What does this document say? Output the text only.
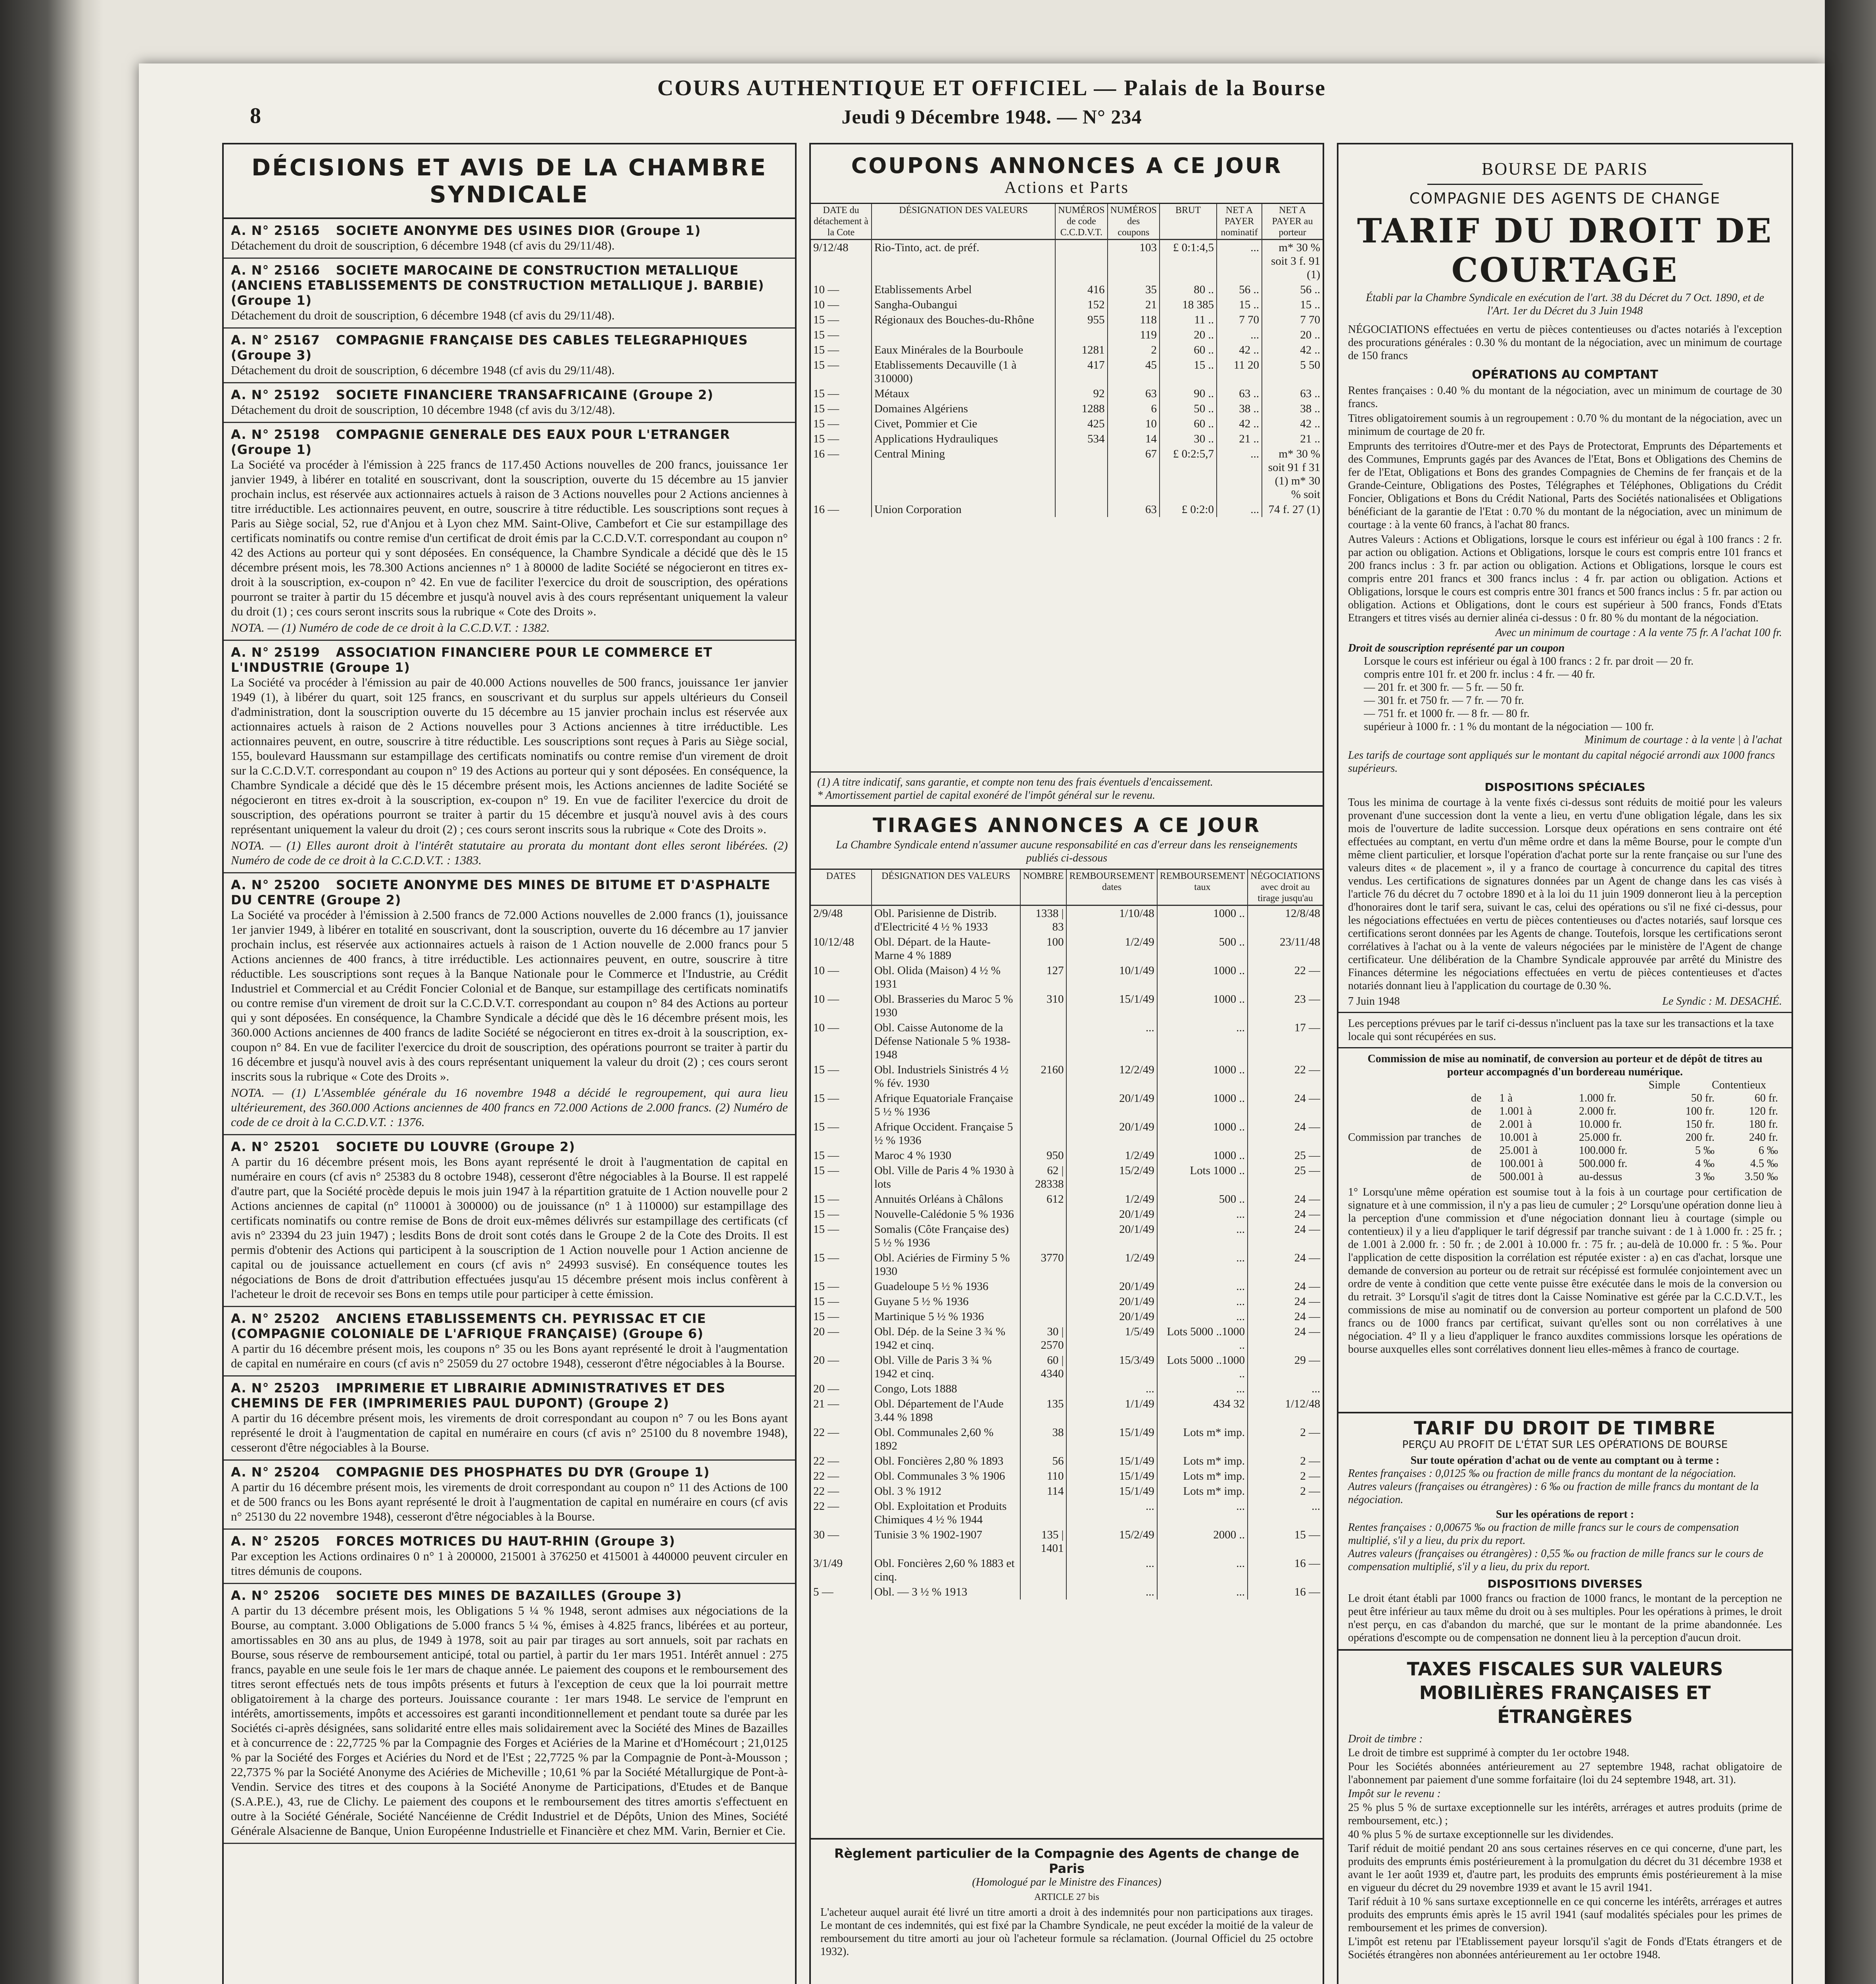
COURS AUTHENTIQUE ET OFFICIEL — Palais de la Bourse
Jeudi 9 Décembre 1948. — N° 234
8
DÉCISIONS ET AVIS DE LA CHAMBRE SYNDICALE
A. N° 25165 SOCIETE ANONYME DES USINES DIOR (Groupe 1)
Détachement du droit de souscription, 6 décembre 1948 (cf avis du 29/11/48).
A. N° 25166 SOCIETE MAROCAINE DE CONSTRUCTION METALLIQUE (ANCIENS ETABLISSEMENTS DE CONSTRUCTION METALLIQUE J. BARBIE) (Groupe 1)
Détachement du droit de souscription, 6 décembre 1948 (cf avis du 29/11/48).
A. N° 25167 COMPAGNIE FRANÇAISE DES CABLES TELEGRAPHIQUES (Groupe 3)
Détachement du droit de souscription, 6 décembre 1948 (cf avis du 29/11/48).
A. N° 25192 SOCIETE FINANCIERE TRANSAFRICAINE (Groupe 2)
Détachement du droit de souscription, 10 décembre 1948 (cf avis du 3/12/48).
A. N° 25198 COMPAGNIE GENERALE DES EAUX POUR L'ETRANGER (Groupe 1)
La Société va procéder à l'émission à 225 francs de 117.450 Actions nouvelles de 200 francs, jouissance 1er janvier 1949, à libérer en totalité en souscrivant, dont la souscription, ouverte du 15 décembre au 15 janvier prochain inclus, est réservée aux actionnaires actuels à raison de 3 Actions nouvelles pour 2 Actions anciennes à titre irréductible. Les actionnaires peuvent, en outre, souscrire à titre réductible. Les souscriptions sont reçues à Paris au Siège social, 52, rue d'Anjou et à Lyon chez MM. Saint-Olive, Cambefort et Cie sur estampillage des certificats nominatifs ou contre remise d'un certificat de droit émis par la C.C.D.V.T. correspondant au coupon n° 42 des Actions au porteur qui y sont déposées. En conséquence, la Chambre Syndicale a décidé que dès le 15 décembre présent mois, les 78.300 Actions anciennes n° 1 à 80000 de ladite Société se négocieront en titres ex-droit à la souscription, ex-coupon n° 42. En vue de faciliter l'exercice du droit de souscription, des opérations pourront se traiter à partir du 15 décembre et jusqu'à nouvel avis à des cours représentant uniquement la valeur du droit (1) ; ces cours seront inscrits sous la rubrique « Cote des Droits ».
NOTA. — (1) Numéro de code de ce droit à la C.C.D.V.T. : 1382.
A. N° 25199 ASSOCIATION FINANCIERE POUR LE COMMERCE ET L'INDUSTRIE (Groupe 1)
La Société va procéder à l'émission au pair de 40.000 Actions nouvelles de 500 francs, jouissance 1er janvier 1949 (1), à libérer du quart, soit 125 francs, en souscrivant et du surplus sur appels ultérieurs du Conseil d'administration, dont la souscription ouverte du 15 décembre au 15 janvier prochain inclus est réservée aux actionnaires actuels à raison de 2 Actions nouvelles pour 3 Actions anciennes à titre irréductible. Les actionnaires peuvent, en outre, souscrire à titre réductible. Les souscriptions sont reçues à Paris au Siège social, 155, boulevard Haussmann sur estampillage des certificats nominatifs ou contre remise d'un virement de droit sur la C.C.D.V.T. correspondant au coupon n° 19 des Actions au porteur qui y sont déposées. En conséquence, la Chambre Syndicale a décidé que dès le 15 décembre présent mois, les Actions anciennes de ladite Société se négocieront en titres ex-droit à la souscription, ex-coupon n° 19. En vue de faciliter l'exercice du droit de souscription, des opérations pourront se traiter à partir du 15 décembre et jusqu'à nouvel avis à des cours représentant uniquement la valeur du droit (2) ; ces cours seront inscrits sous la rubrique « Cote des Droits ».
NOTA. — (1) Elles auront droit à l'intérêt statutaire au prorata du montant dont elles seront libérées. (2) Numéro de code de ce droit à la C.C.D.V.T. : 1383.
A. N° 25200 SOCIETE ANONYME DES MINES DE BITUME ET D'ASPHALTE DU CENTRE (Groupe 2)
La Société va procéder à l'émission à 2.500 francs de 72.000 Actions nouvelles de 2.000 francs (1), jouissance 1er janvier 1949, à libérer en totalité en souscrivant, dont la souscription, ouverte du 16 décembre au 17 janvier prochain inclus, est réservée aux actionnaires actuels à raison de 1 Action nouvelle de 2.000 francs pour 5 Actions anciennes de 400 francs, à titre irréductible. Les actionnaires peuvent, en outre, souscrire à titre réductible. Les souscriptions sont reçues à la Banque Nationale pour le Commerce et l'Industrie, au Crédit Industriel et Commercial et au Crédit Foncier Colonial et de Banque, sur estampillage des certificats nominatifs ou contre remise d'un virement de droit sur la C.C.D.V.T. correspondant au coupon n° 84 des Actions au porteur qui y sont déposées. En conséquence, la Chambre Syndicale a décidé que dès le 16 décembre présent mois, les 360.000 Actions anciennes de 400 francs de ladite Société se négocieront en titres ex-droit à la souscription, ex-coupon n° 84. En vue de faciliter l'exercice du droit de souscription, des opérations pourront se traiter à partir du 16 décembre et jusqu'à nouvel avis à des cours représentant uniquement la valeur du droit (2) ; ces cours seront inscrits sous la rubrique « Cote des Droits ».
NOTA. — (1) L'Assemblée générale du 16 novembre 1948 a décidé le regroupement, qui aura lieu ultérieurement, des 360.000 Actions anciennes de 400 francs en 72.000 Actions de 2.000 francs. (2) Numéro de code de ce droit à la C.C.D.V.T. : 1376.
A. N° 25201 SOCIETE DU LOUVRE (Groupe 2)
A partir du 16 décembre présent mois, les Bons ayant représenté le droit à l'augmentation de capital en numéraire en cours (cf avis n° 25383 du 8 octobre 1948), cesseront d'être négociables à la Bourse. Il est rappelé d'autre part, que la Société procède depuis le mois juin 1947 à la répartition gratuite de 1 Action nouvelle pour 2 Actions anciennes de capital (n° 110001 à 300000) ou de jouissance (n° 1 à 110000) sur estampillage des certificats nominatifs ou contre remise de Bons de droit eux-mêmes délivrés sur estampillage des certificats (cf avis n° 23394 du 23 juin 1947) ; lesdits Bons de droit sont cotés dans le Groupe 2 de la Cote des Droits. Il est permis d'obtenir des Actions qui participent à la souscription de 1 Action nouvelle pour 1 Action ancienne de capital ou de jouissance actuellement en cours (cf avis n° 24993 susvisé). En conséquence toutes les négociations de Bons de droit d'attribution effectuées jusqu'au 15 décembre présent mois inclus confèrent à l'acheteur le droit de recevoir ses Bons en temps utile pour participer à cette émission.
A. N° 25202 ANCIENS ETABLISSEMENTS CH. PEYRISSAC ET CIE (COMPAGNIE COLONIALE DE L'AFRIQUE FRANÇAISE) (Groupe 6)
A partir du 16 décembre présent mois, les coupons n° 35 ou les Bons ayant représenté le droit à l'augmentation de capital en numéraire en cours (cf avis n° 25059 du 27 octobre 1948), cesseront d'être négociables à la Bourse.
A. N° 25203 IMPRIMERIE ET LIBRAIRIE ADMINISTRATIVES ET DES CHEMINS DE FER (IMPRIMERIES PAUL DUPONT) (Groupe 2)
A partir du 16 décembre présent mois, les virements de droit correspondant au coupon n° 7 ou les Bons ayant représenté le droit à l'augmentation de capital en numéraire en cours (cf avis n° 25100 du 8 novembre 1948), cesseront d'être négociables à la Bourse.
A. N° 25204 COMPAGNIE DES PHOSPHATES DU DYR (Groupe 1)
A partir du 16 décembre présent mois, les virements de droit correspondant au coupon n° 11 des Actions de 100 et de 500 francs ou les Bons ayant représenté le droit à l'augmentation de capital en numéraire en cours (cf avis n° 25130 du 22 novembre 1948), cesseront d'être négociables à la Bourse.
A. N° 25205 FORCES MOTRICES DU HAUT-RHIN (Groupe 3)
Par exception les Actions ordinaires 0 n° 1 à 200000, 215001 à 376250 et 415001 à 440000 peuvent circuler en titres démunis de coupons.
A. N° 25206 SOCIETE DES MINES DE BAZAILLES (Groupe 3)
A partir du 13 décembre présent mois, les Obligations 5 ¼ % 1948, seront admises aux négociations de la Bourse, au comptant. 3.000 Obligations de 5.000 francs 5 ¼ %, émises à 4.825 francs, libérées et au porteur, amortissables en 30 ans au plus, de 1949 à 1978, soit au pair par tirages au sort annuels, soit par rachats en Bourse, sous réserve de remboursement anticipé, total ou partiel, à partir du 1er mars 1951. Intérêt annuel : 275 francs, payable en une seule fois le 1er mars de chaque année. Le paiement des coupons et le remboursement des titres seront effectués nets de tous impôts présents et futurs à l'exception de ceux que la loi pourrait mettre obligatoirement à la charge des porteurs. Jouissance courante : 1er mars 1948. Le service de l'emprunt en intérêts, amortissements, impôts et accessoires est garanti inconditionnellement et pendant toute sa durée par les Sociétés ci-après désignées, sans solidarité entre elles mais solidairement avec la Société des Mines de Bazailles et à concurrence de : 22,7725 % par la Compagnie des Forges et Aciéries de la Marine et d'Homécourt ; 21,0125 % par la Société des Forges et Aciéries du Nord et de l'Est ; 22,7725 % par la Compagnie de Pont-à-Mousson ; 22,7375 % par la Société Anonyme des Aciéries de Micheville ; 10,61 % par la Société Métallurgique de Pont-à-Vendin. Service des titres et des coupons à la Société Anonyme de Participations, d'Etudes et de Banque (S.A.P.E.), 43, rue de Clichy. Le paiement des coupons et le remboursement des titres amortis s'effectuent en outre à la Société Générale, Société Nancéienne de Crédit Industriel et de Dépôts, Union des Mines, Société Générale Alsacienne de Banque, Union Européenne Industrielle et Financière et chez MM. Varin, Bernier et Cie.
COUPONS ANNONCES A CE JOUR
Actions et Parts
DATE du détachement à la Cote	DÉSIGNATION DES VALEURS	NUMÉROS de code C.C.D.V.T.	NUMÉROS des coupons	BRUT	NET A PAYER nominatif	NET A PAYER au porteur
9/12/48	Rio-Tinto, act. de préf.		103	£ 0:1:4,5	...	m* 30 % soit 3 f. 91 (1)
10 —	Etablissements Arbel	416	35	80 ..	56 ..	56 ..
10 —	Sangha-Oubangui	152	21	18 385	15 ..	15 ..
15 —	Régionaux des Bouches-du-Rhône	955	118	11 ..	7 70	7 70
15 —			119	20 ..	...	20 ..
15 —	Eaux Minérales de la Bourboule	1281	2	60 ..	42 ..	42 ..
15 —	Etablissements Decauville (1 à 310000)	417	45	15 ..	11 20	5 50
15 —	Métaux	92	63	90 ..	63 ..	63 ..
15 —	Domaines Algériens	1288	6	50 ..	38 ..	38 ..
15 —	Civet, Pommier et Cie	425	10	60 ..	42 ..	42 ..
15 —	Applications Hydrauliques	534	14	30 ..	21 ..	21 ..
16 —	Central Mining		67	£ 0:2:5,7	...	m* 30 % soit 91 f 31 (1) m* 30 % soit
16 —	Union Corporation		63	£ 0:2:0	...	74 f. 27 (1)
(1) A titre indicatif, sans garantie, et compte non tenu des frais éventuels d'encaissement.
* Amortissement partiel de capital exonéré de l'impôt général sur le revenu.
TIRAGES ANNONCES A CE JOUR
La Chambre Syndicale entend n'assumer aucune responsabilité en cas d'erreur dans les renseignements publiés ci-dessous
DATES	DÉSIGNATION DES VALEURS	NOMBRE	REMBOURSEMENT dates	REMBOURSEMENT taux	NÉGOCIATIONS avec droit au tirage jusqu'au
2/9/48	Obl. Parisienne de Distrib. d'Electricité 4 ½ % 1933	1338 | 83	1/10/48	1000 ..	12/8/48
10/12/48	Obl. Départ. de la Haute-Marne 4 % 1889	100	1/2/49	500 ..	23/11/48
10 —	Obl. Olida (Maison) 4 ½ % 1931	127	10/1/49	1000 ..	22 —
10 —	Obl. Brasseries du Maroc 5 % 1930	310	15/1/49	1000 ..	23 —
10 —	Obl. Caisse Autonome de la Défense Nationale 5 % 1938-1948		...	...	17 —
15 —	Obl. Industriels Sinistrés 4 ½ % fév. 1930	2160	12/2/49	1000 ..	22 —
15 —	Afrique Equatoriale Française 5 ½ % 1936		20/1/49	1000 ..	24 —
15 —	Afrique Occident. Française 5 ½ % 1936		20/1/49	1000 ..	24 —
15 —	Maroc 4 % 1930	950	1/2/49	1000 ..	25 —
15 —	Obl. Ville de Paris 4 % 1930 à lots	62 | 28338	15/2/49	Lots 1000 ..	25 —
15 —	Annuités Orléans à Châlons	612	1/2/49	500 ..	24 —
15 —	Nouvelle-Calédonie 5 % 1936		20/1/49	...	24 —
15 —	Somalis (Côte Française des) 5 ½ % 1936		20/1/49	...	24 —
15 —	Obl. Aciéries de Firminy 5 % 1930	3770	1/2/49	...	24 —
15 —	Guadeloupe 5 ½ % 1936		20/1/49	...	24 —
15 —	Guyane 5 ½ % 1936		20/1/49	...	24 —
15 —	Martinique 5 ½ % 1936		20/1/49	...	24 —
20 —	Obl. Dép. de la Seine 3 ¾ % 1942 et cinq.	30 | 2570	1/5/49	Lots 5000 ..1000 ..	24 —
20 —	Obl. Ville de Paris 3 ¾ % 1942 et cinq.	60 | 4340	15/3/49	Lots 5000 ..1000 ..	29 —
20 —	Congo, Lots 1888		...	...	...
21 —	Obl. Département de l'Aude 3.44 % 1898	135	1/1/49	434 32	1/12/48
22 —	Obl. Communales 2,60 % 1892	38	15/1/49	Lots m* imp.	2 —
22 —	Obl. Foncières 2,80 % 1893	56	15/1/49	Lots m* imp.	2 —
22 —	Obl. Communales 3 % 1906	110	15/1/49	Lots m* imp.	2 —
22 —	Obl. 3 % 1912	114	15/1/49	Lots m* imp.	2 —
22 —	Obl. Exploitation et Produits Chimiques 4 ½ % 1944		...	...	...
30 —	Tunisie 3 % 1902-1907	135 | 1401	15/2/49	2000 ..	15 —
3/1/49	Obl. Foncières 2,60 % 1883 et cinq.		...	...	16 —
5 —	Obl. — 3 ½ % 1913		...	...	16 —
Règlement particulier de la Compagnie des Agents de change de Paris
(Homologué par le Ministre des Finances)
ARTICLE 27 bis
L'acheteur auquel aurait été livré un titre amorti a droit à des indemnités pour non participations aux tirages. Le montant de ces indemnités, qui est fixé par la Chambre Syndicale, ne peut excéder la moitié de la valeur de remboursement du titre amorti au jour où l'acheteur formule sa réclamation. (Journal Officiel du 25 octobre 1932).
BOURSE DE PARIS
COMPAGNIE DES AGENTS DE CHANGE
TARIF DU DROIT DE COURTAGE
Établi par la Chambre Syndicale en exécution de l'art. 38 du Décret du 7 Oct. 1890, et de l'Art. 1er du Décret du 3 Juin 1948
NÉGOCIATIONS effectuées en vertu de pièces contentieuses ou d'actes notariés à l'exception des procurations générales : 0.30 % du montant de la négociation, avec un minimum de courtage de 150 francs
OPÉRATIONS AU COMPTANT
Rentes françaises : 0.40 % du montant de la négociation, avec un minimum de courtage de 30 francs.
Titres obligatoirement soumis à un regroupement : 0.70 % du montant de la négociation, avec un minimum de courtage de 20 fr.
Emprunts des territoires d'Outre-mer et des Pays de Protectorat, Emprunts des Départements et des Communes, Emprunts gagés par des Avances de l'Etat, Bons et Obligations des Chemins de fer de l'Etat, Obligations et Bons des grandes Compagnies de Chemins de fer français et de la Grande-Ceinture, Obligations des Postes, Télégraphes et Téléphones, Obligations du Crédit Foncier, Obligations et Bons du Crédit National, Parts des Sociétés nationalisées et Obligations bénéficiant de la garantie de l'Etat : 0.70 % du montant de la négociation, avec un minimum de courtage : à la vente 60 francs, à l'achat 80 francs.
Autres Valeurs : Actions et Obligations, lorsque le cours est inférieur ou égal à 100 francs : 2 fr. par action ou obligation. Actions et Obligations, lorsque le cours est compris entre 101 francs et 200 francs inclus : 3 fr. par action ou obligation. Actions et Obligations, lorsque le cours est compris entre 201 francs et 300 francs inclus : 4 fr. par action ou obligation. Actions et Obligations, lorsque le cours est compris entre 301 francs et 500 francs inclus : 5 fr. par action ou obligation. Actions et Obligations, dont le cours est supérieur à 500 francs, Fonds d'Etats Etrangers et titres visés au dernier alinéa ci-dessus : 0 fr. 80 % du montant de la négociation.
Avec un minimum de courtage : A la vente 75 fr. A l'achat 100 fr.
Droit de souscription représenté par un coupon
Lorsque le cours est inférieur ou égal à 100 francs : 2 fr. par droit — 20 fr.
compris entre 101 fr. et 200 fr. inclus : 4 fr. — 40 fr.
— 201 fr. et 300 fr. — 5 fr. — 50 fr.
— 301 fr. et 750 fr. — 7 fr. — 70 fr.
— 751 fr. et 1000 fr. — 8 fr. — 80 fr.
supérieur à 1000 fr. : 1 % du montant de la négociation — 100 fr.
Minimum de courtage : à la vente | à l'achat
Les tarifs de courtage sont appliqués sur le montant du capital négocié arrondi aux 1000 francs supérieurs.
DISPOSITIONS SPÉCIALES
Tous les minima de courtage à la vente fixés ci-dessus sont réduits de moitié pour les valeurs provenant d'une succession dont la vente a lieu, en vertu d'une obligation légale, dans les six mois de l'ouverture de ladite succession. Lorsque deux opérations en sens contraire ont été effectuées au comptant, en vertu d'un même ordre et dans la même Bourse, pour le compte d'un même client particulier, et lorsque l'opération d'achat porte sur la rente française ou sur l'une des valeurs dites « de placement », il y a franco de courtage à concurrence du capital des titres vendus. Les certifications de signatures données par un Agent de change dans les cas visés à l'article 76 du décret du 7 octobre 1890 et à la loi du 11 juin 1909 donneront lieu à la perception d'honoraires dont le tarif sera, suivant le cas, celui des opérations ou s'il ne fixé ci-dessus, pour les négociations effectuées en vertu de pièces contentieuses ou d'actes notariés, sauf lorsque ces certifications seront données par les Agents de change. Toutefois, lorsque les certifications seront corrélatives à l'achat ou à la vente de valeurs négociées par le ministère de l'Agent de change certificateur. Une délibération de la Chambre Syndicale approuvée par arrêté du Ministre des Finances détermine les négociations effectuées en vertu de pièces contentieuses et d'actes notariés donnant lieu à l'application du courtage de 0.30 %.
7 Juin 1948	Le Syndic : M. DESACHÉ.
Les perceptions prévues par le tarif ci-dessus n'incluent pas la taxe sur les transactions et la taxe locale qui sont récupérées en sus.
Commission de mise au nominatif, de conversion au porteur et de dépôt de titres au porteur accompagnés d'un bordereau numérique.
Simple	Contentieux
Commission par tranches
de	1 à	1.000 fr.	50 fr.	60 fr.
de	1.001 à	2.000 fr.	100 fr.	120 fr.
de	2.001 à	10.000 fr.	150 fr.	180 fr.
de	10.001 à	25.000 fr.	200 fr.	240 fr.
de	25.001 à	100.000 fr.	5 ‰	6 ‰
de	100.001 à	500.000 fr.	4 ‰	4.5 ‰
de	500.001 à	au-dessus	3 ‰	3.50 ‰
1° Lorsqu'une même opération est soumise tout à la fois à un courtage pour certification de signature et à une commission, il n'y a pas lieu de cumuler ; 2° Lorsqu'une opération donne lieu à la perception d'une commission et d'une négociation donnant lieu à courtage (simple ou contentieux) il y a lieu d'appliquer le tarif dégressif par tranche suivant : de 1 à 1.000 fr. : 25 fr. ; de 1.001 à 2.000 fr. : 50 fr. ; de 2.001 à 10.000 fr. : 75 fr. ; au-delà de 10.000 fr. : 5 ‰. Pour l'application de cette disposition la corrélation est réputée exister : a) en cas d'achat, lorsque une demande de conversion au porteur ou de retrait sur récépissé est formulée conjointement avec un ordre de vente à condition que cette vente puisse être exécutée dans le mois de la conversion ou du retrait. 3° Lorsqu'il s'agit de titres dont la Caisse Nominative est gérée par la C.C.D.V.T., les commissions de mise au nominatif ou de conversion au porteur comportent un plafond de 500 francs ou de 1000 francs par certificat, suivant qu'elles sont ou non corrélatives à une négociation. 4° Il y a lieu d'appliquer le franco auxdites commissions lorsque les opérations de bourse auxquelles elles sont corrélatives donnent lieu elles-mêmes à franco de courtage.
TARIF DU DROIT DE TIMBRE
PERÇU AU PROFIT DE L'ÉTAT SUR LES OPÉRATIONS DE BOURSE
Sur toute opération d'achat ou de vente au comptant ou à terme :
Rentes françaises : 0,0125 ‰ ou fraction de mille francs du montant de la négociation.
Autres valeurs (françaises ou étrangères) : 6 ‰ ou fraction de mille francs du montant de la négociation.
Sur les opérations de report :
Rentes françaises : 0,00675 ‰ ou fraction de mille francs sur le cours de compensation multiplié, s'il y a lieu, du prix du report.
Autres valeurs (françaises ou étrangères) : 0,55 ‰ ou fraction de mille francs sur le cours de compensation multiplié, s'il y a lieu, du prix du report.
DISPOSITIONS DIVERSES
Le droit étant établi par 1000 francs ou fraction de 1000 francs, le montant de la perception ne peut être inférieur au taux même du droit ou à ses multiples. Pour les opérations à primes, le droit n'est perçu, en cas d'abandon du marché, que sur le montant de la prime abandonnée. Les opérations d'escompte ou de compensation ne donnent lieu à la perception d'aucun droit.
TAXES FISCALES SUR VALEURS MOBILIÈRES FRANÇAISES ET ÉTRANGÈRES
Droit de timbre :
Le droit de timbre est supprimé à compter du 1er octobre 1948.
Pour les Sociétés abonnées antérieurement au 27 septembre 1948, rachat obligatoire de l'abonnement par paiement d'une somme forfaitaire (loi du 24 septembre 1948, art. 31).
Impôt sur le revenu :
25 % plus 5 % de surtaxe exceptionnelle sur les intérêts, arrérages et autres produits (prime de remboursement, etc.) ;
40 % plus 5 % de surtaxe exceptionnelle sur les dividendes.
Tarif réduit de moitié pendant 20 ans sous certaines réserves en ce qui concerne, d'une part, les produits des emprunts émis postérieurement à la promulgation du décret du 31 décembre 1938 et avant le 1er août 1939 et, d'autre part, les produits des emprunts émis postérieurement à la mise en vigueur du décret du 29 novembre 1939 et avant le 15 avril 1941.
Tarif réduit à 10 % sans surtaxe exceptionnelle en ce qui concerne les intérêts, arrérages et autres produits des emprunts émis après le 15 avril 1941 (sauf modalités spéciales pour les primes de remboursement et les primes de conversion).
L'impôt est retenu par l'Etablissement payeur lorsqu'il s'agit de Fonds d'Etats étrangers et de Sociétés étrangères non abonnées antérieurement au 1er octobre 1948.
